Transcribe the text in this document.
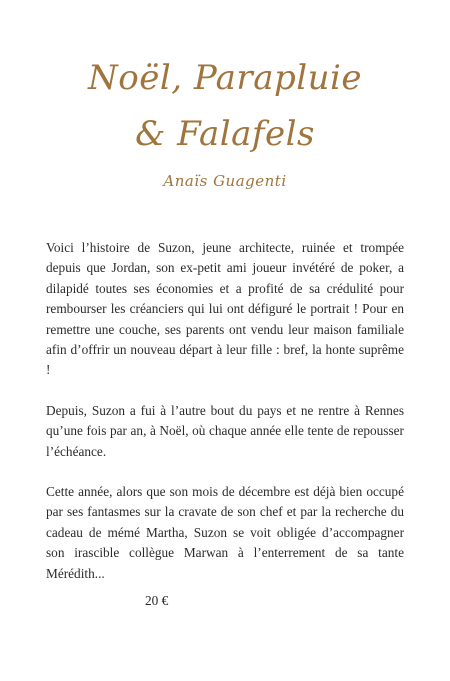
Noël, Parapluie
& Falafels
Anaïs Guagenti

Voici l’histoire de Suzon, jeune architecte, ruinée et trompée depuis que Jordan, son ex-petit ami joueur invétéré de poker, a dilapidé toutes ses économies et a profité de sa crédulité pour rembourser les créanciers qui lui ont défiguré le portrait ! Pour en remettre une couche, ses parents ont vendu leur maison familiale afin d’offrir un nouveau départ à leur fille : bref, la honte suprême !

Depuis, Suzon a fui à l’autre bout du pays et ne rentre à Rennes qu’une fois par an, à Noël, où chaque année elle tente de repousser l’échéance.

Cette année, alors que son mois de décembre est déjà bien occupé par ses fantasmes sur la cravate de son chef et par la recherche du cadeau de mémé Martha, Suzon se voit obligée d’accompagner son irascible collègue Marwan à l’enterrement de sa tante Mérédith...

20 €
